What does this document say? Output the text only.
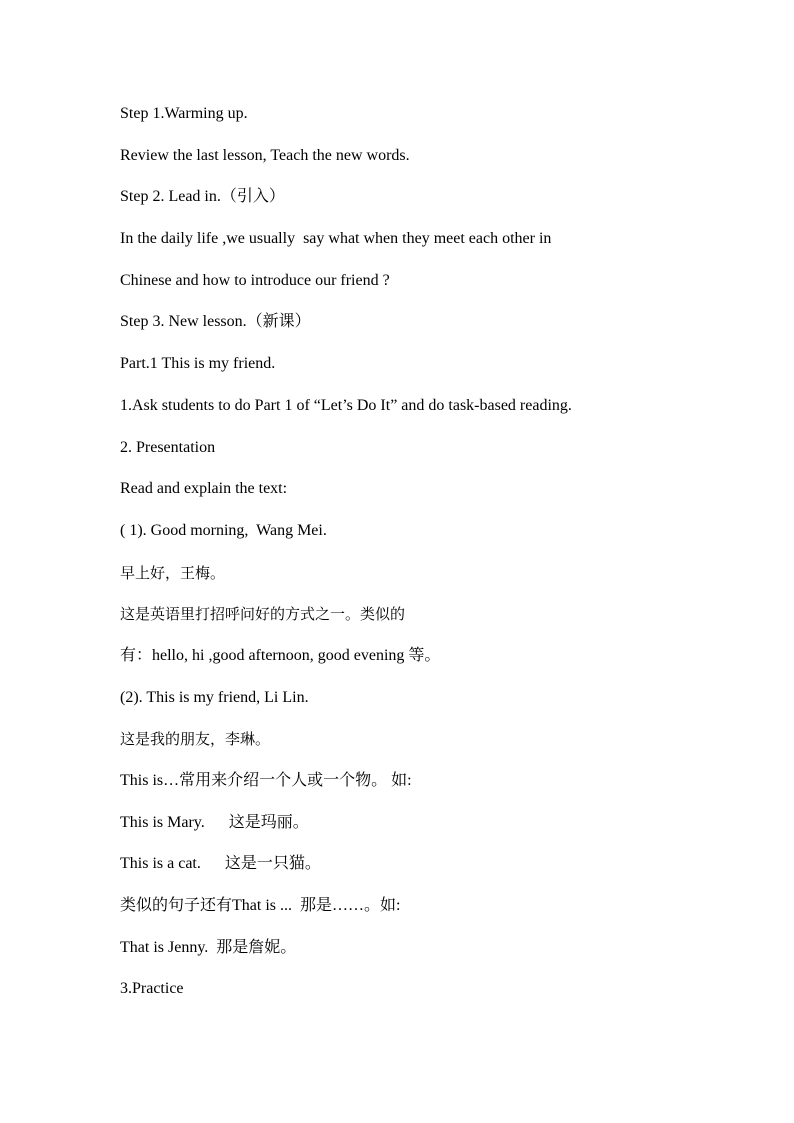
Step 1.Warming up.
Review the last lesson, Teach the new words.
Step 2. Lead in.（引入）
In the daily life ,we usually  say what when they meet each other in
Chinese and how to introduce our friend ?
Step 3. New lesson.（新课）
Part.1 This is my friend.
1.Ask students to do Part 1 of “Let’s Do It” and do task-based reading.
2. Presentation
Read and explain the text:
( 1). Good morning,  Wang Mei.
早上好，王梅。
这是英语里打招呼问好的方式之一。类似的
有：hello, hi ,good afternoon, good evening 等。
(2). This is my friend, Li Lin.
这是我的朋友，李琳。
This is…常用来介绍一个人或一个物。 如:
This is Mary.      这是玛丽。
This is a cat.      这是一只猫。
类似的句子还有That is ...  那是……。如:
That is Jenny.  那是詹妮。
3.Practice
